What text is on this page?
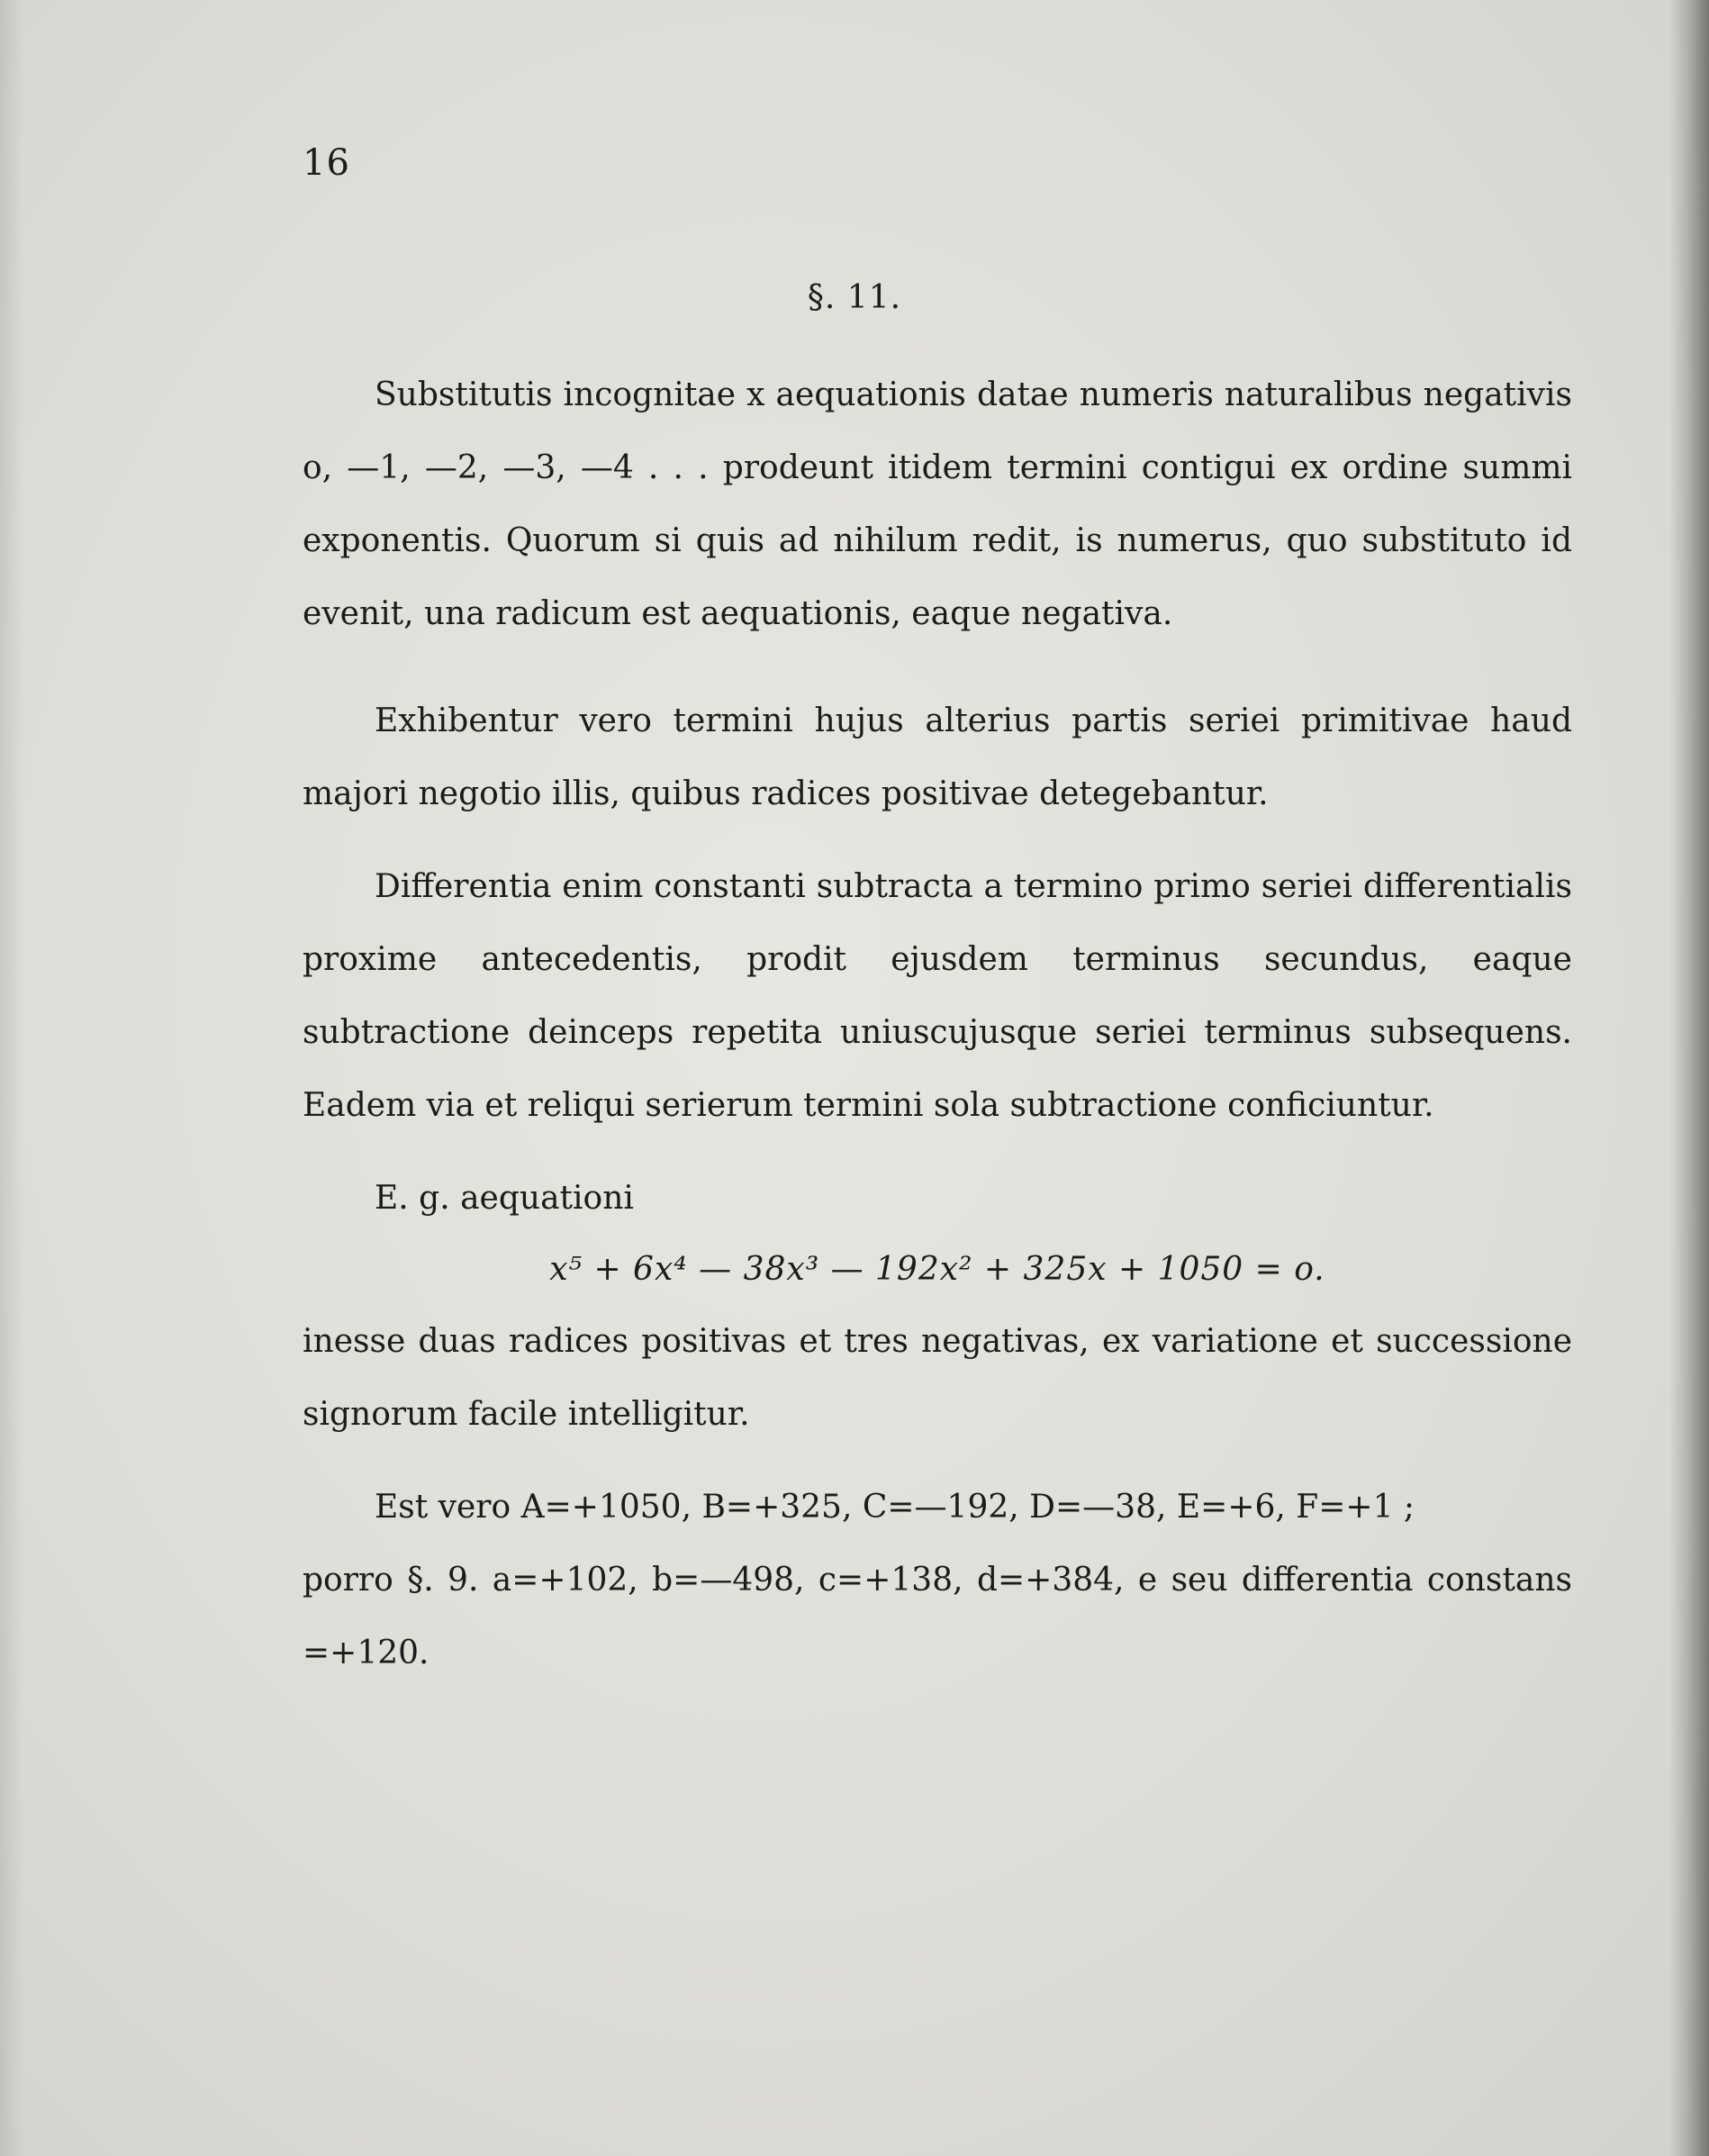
16
§. 11.

Substitutis incognitae x aequationis datae numeris naturalibus negativis o, —1, —2, —3, —4 . . . prodeunt itidem termini contigui ex ordine summi exponentis. Quorum si quis ad nihilum redit, is numerus, quo substituto id evenit, una radicum est aequationis, eaque negativa.

Exhibentur vero termini hujus alterius partis seriei primitivae haud majori negotio illis, quibus radices positivae detegebantur.

Differentia enim constanti subtracta a termino primo seriei differentialis proxime antecedentis, prodit ejusdem terminus secundus, eaque subtractione deinceps repetita uniuscujusque seriei terminus subsequens. Eadem via et reliqui serierum termini sola subtractione conficiuntur.

E. g. aequationi

x⁵ + 6x⁴ — 38x³ — 192x² + 325x + 1050 = o.

inesse duas radices positivas et tres negativas, ex variatione et successione signorum facile intelligitur.

Est vero A=+1050, B=+325, C=—192, D=—38, E=+6, F=+1 ;

porro §. 9. a=+102, b=—498, c=+138, d=+384, e seu differentia constans =+120.
